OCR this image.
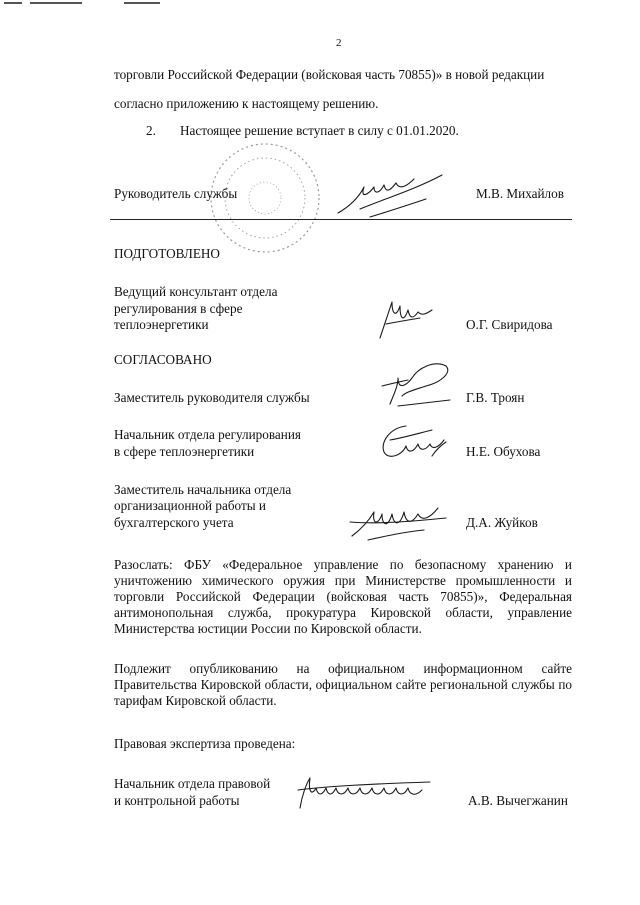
2
торговли Российской Федерации (войсковая часть 70855)» в новой редакции
согласно приложению к настоящему решению.
2. Настоящее решение вступает в силу с 01.01.2020.
Руководитель службы	М.В. Михайлов
ПОДГОТОВЛЕНО
Ведущий консультант отдела
регулирования в сфере
теплоэнергетики	О.Г. Свиридова
СОГЛАСОВАНО
Заместитель руководителя службы	Г.В. Троян
Начальник отдела регулирования
в сфере теплоэнергетики	Н.Е. Обухова
Заместитель начальника отдела
организационной работы и
бухгалтерского учета	Д.А. Жуйков
Разослать: ФБУ «Федеральное управление по безопасному хранению и уничтожению химического оружия при Министерстве промышленности и торговли Российской Федерации (войсковая часть 70855)», Федеральная антимонопольная служба, прокуратура Кировской области, управление Министерства юстиции России по Кировской области.
Подлежит опубликованию на официальном информационном сайте Правительства Кировской области, официальном сайте региональной службы по тарифам Кировской области.
Правовая экспертиза проведена:
Начальник отдела правовой
и контрольной работы	А.В. Вычегжанин
